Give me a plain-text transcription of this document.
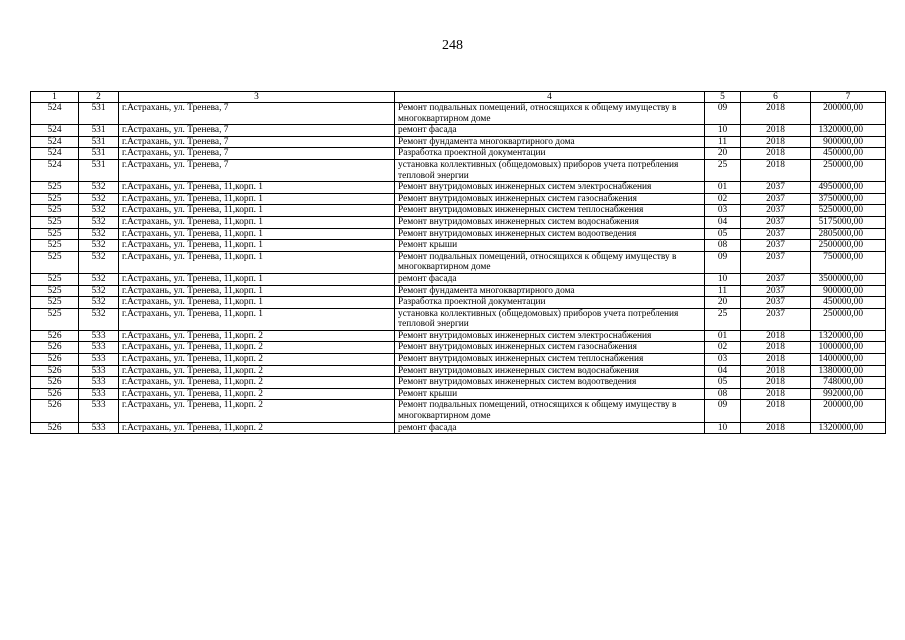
248
1	2	3	4	5	6	7
524	531	г.Астрахань, ул. Тренева, 7	Ремонт подвальных помещений, относящихся к общему имуществу в многоквартирном доме	09	2018	200000,00
524	531	г.Астрахань, ул. Тренева, 7	ремонт фасада	10	2018	1320000,00
524	531	г.Астрахань, ул. Тренева, 7	Ремонт фундамента многоквартирного дома	11	2018	900000,00
524	531	г.Астрахань, ул. Тренева, 7	Разработка проектной документации	20	2018	450000,00
524	531	г.Астрахань, ул. Тренева, 7	установка коллективных (общедомовых) приборов учета потребления тепловой энергии	25	2018	250000,00
525	532	г.Астрахань, ул. Тренева, 11,корп. 1	Ремонт внутридомовых инженерных систем электроснабжения	01	2037	4950000,00
525	532	г.Астрахань, ул. Тренева, 11,корп. 1	Ремонт внутридомовых инженерных систем газоснабжения	02	2037	3750000,00
525	532	г.Астрахань, ул. Тренева, 11,корп. 1	Ремонт внутридомовых инженерных систем теплоснабжения	03	2037	5250000,00
525	532	г.Астрахань, ул. Тренева, 11,корп. 1	Ремонт внутридомовых инженерных систем водоснабжения	04	2037	5175000,00
525	532	г.Астрахань, ул. Тренева, 11,корп. 1	Ремонт внутридомовых инженерных систем водоотведения	05	2037	2805000,00
525	532	г.Астрахань, ул. Тренева, 11,корп. 1	Ремонт крыши	08	2037	2500000,00
525	532	г.Астрахань, ул. Тренева, 11,корп. 1	Ремонт подвальных помещений, относящихся к общему имуществу в многоквартирном доме	09	2037	750000,00
525	532	г.Астрахань, ул. Тренева, 11,корп. 1	ремонт фасада	10	2037	3500000,00
525	532	г.Астрахань, ул. Тренева, 11,корп. 1	Ремонт фундамента многоквартирного дома	11	2037	900000,00
525	532	г.Астрахань, ул. Тренева, 11,корп. 1	Разработка проектной документации	20	2037	450000,00
525	532	г.Астрахань, ул. Тренева, 11,корп. 1	установка коллективных (общедомовых) приборов учета потребления тепловой энергии	25	2037	250000,00
526	533	г.Астрахань, ул. Тренева, 11,корп. 2	Ремонт внутридомовых инженерных систем электроснабжения	01	2018	1320000,00
526	533	г.Астрахань, ул. Тренева, 11,корп. 2	Ремонт внутридомовых инженерных систем газоснабжения	02	2018	1000000,00
526	533	г.Астрахань, ул. Тренева, 11,корп. 2	Ремонт внутридомовых инженерных систем теплоснабжения	03	2018	1400000,00
526	533	г.Астрахань, ул. Тренева, 11,корп. 2	Ремонт внутридомовых инженерных систем водоснабжения	04	2018	1380000,00
526	533	г.Астрахань, ул. Тренева, 11,корп. 2	Ремонт внутридомовых инженерных систем водоотведения	05	2018	748000,00
526	533	г.Астрахань, ул. Тренева, 11,корп. 2	Ремонт крыши	08	2018	992000,00
526	533	г.Астрахань, ул. Тренева, 11,корп. 2	Ремонт подвальных помещений, относящихся к общему имуществу в многоквартирном доме	09	2018	200000,00
526	533	г.Астрахань, ул. Тренева, 11,корп. 2	ремонт фасада	10	2018	1320000,00
